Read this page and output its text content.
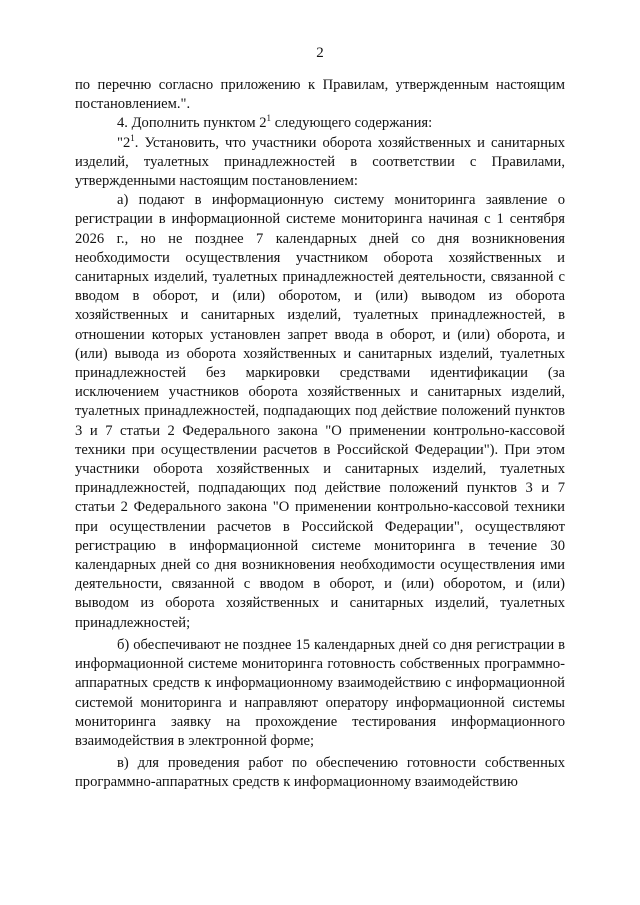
2

по перечню согласно приложению к Правилам, утвержденным настоящим постановлением.".

4. Дополнить пунктом $2^1$ следующего содержания:

"$2^1$. Установить, что участники оборота хозяйственных и санитарных изделий, туалетных принадлежностей в соответствии с Правилами, утвержденными настоящим постановлением:

а) подают в информационную систему мониторинга заявление о регистрации в информационной системе мониторинга начиная с 1 сентября 2026 г., но не позднее 7 календарных дней со дня возникновения необходимости осуществления участником оборота хозяйственных и санитарных изделий, туалетных принадлежностей деятельности, связанной с вводом в оборот, и (или) оборотом, и (или) выводом из оборота хозяйственных и санитарных изделий, туалетных принадлежностей, в отношении которых установлен запрет ввода в оборот, и (или) оборота, и (или) вывода из оборота хозяйственных и санитарных изделий, туалетных принадлежностей без маркировки средствами идентификации (за исключением участников оборота хозяйственных и санитарных изделий, туалетных принадлежностей, подпадающих под действие положений пунктов 3 и 7 статьи 2 Федерального закона "О применении контрольно-кассовой техники при осуществлении расчетов в Российской Федерации"). При этом участники оборота хозяйственных и санитарных изделий, туалетных принадлежностей, подпадающих под действие положений пунктов 3 и 7 статьи 2 Федерального закона "О применении контрольно-кассовой техники при осуществлении расчетов в Российской Федерации", осуществляют регистрацию в информационной системе мониторинга в течение 30 календарных дней со дня возникновения необходимости осуществления ими деятельности, связанной с вводом в оборот, и (или) оборотом, и (или) выводом из оборота хозяйственных и санитарных изделий, туалетных принадлежностей;

б) обеспечивают не позднее 15 календарных дней со дня регистрации в информационной системе мониторинга готовность собственных программно-аппаратных средств к информационному взаимодействию с информационной системой мониторинга и направляют оператору информационной системы мониторинга заявку на прохождение тестирования информационного взаимодействия в электронной форме;

в) для проведения работ по обеспечению готовности собственных программно-аппаратных средств к информационному взаимодействию
